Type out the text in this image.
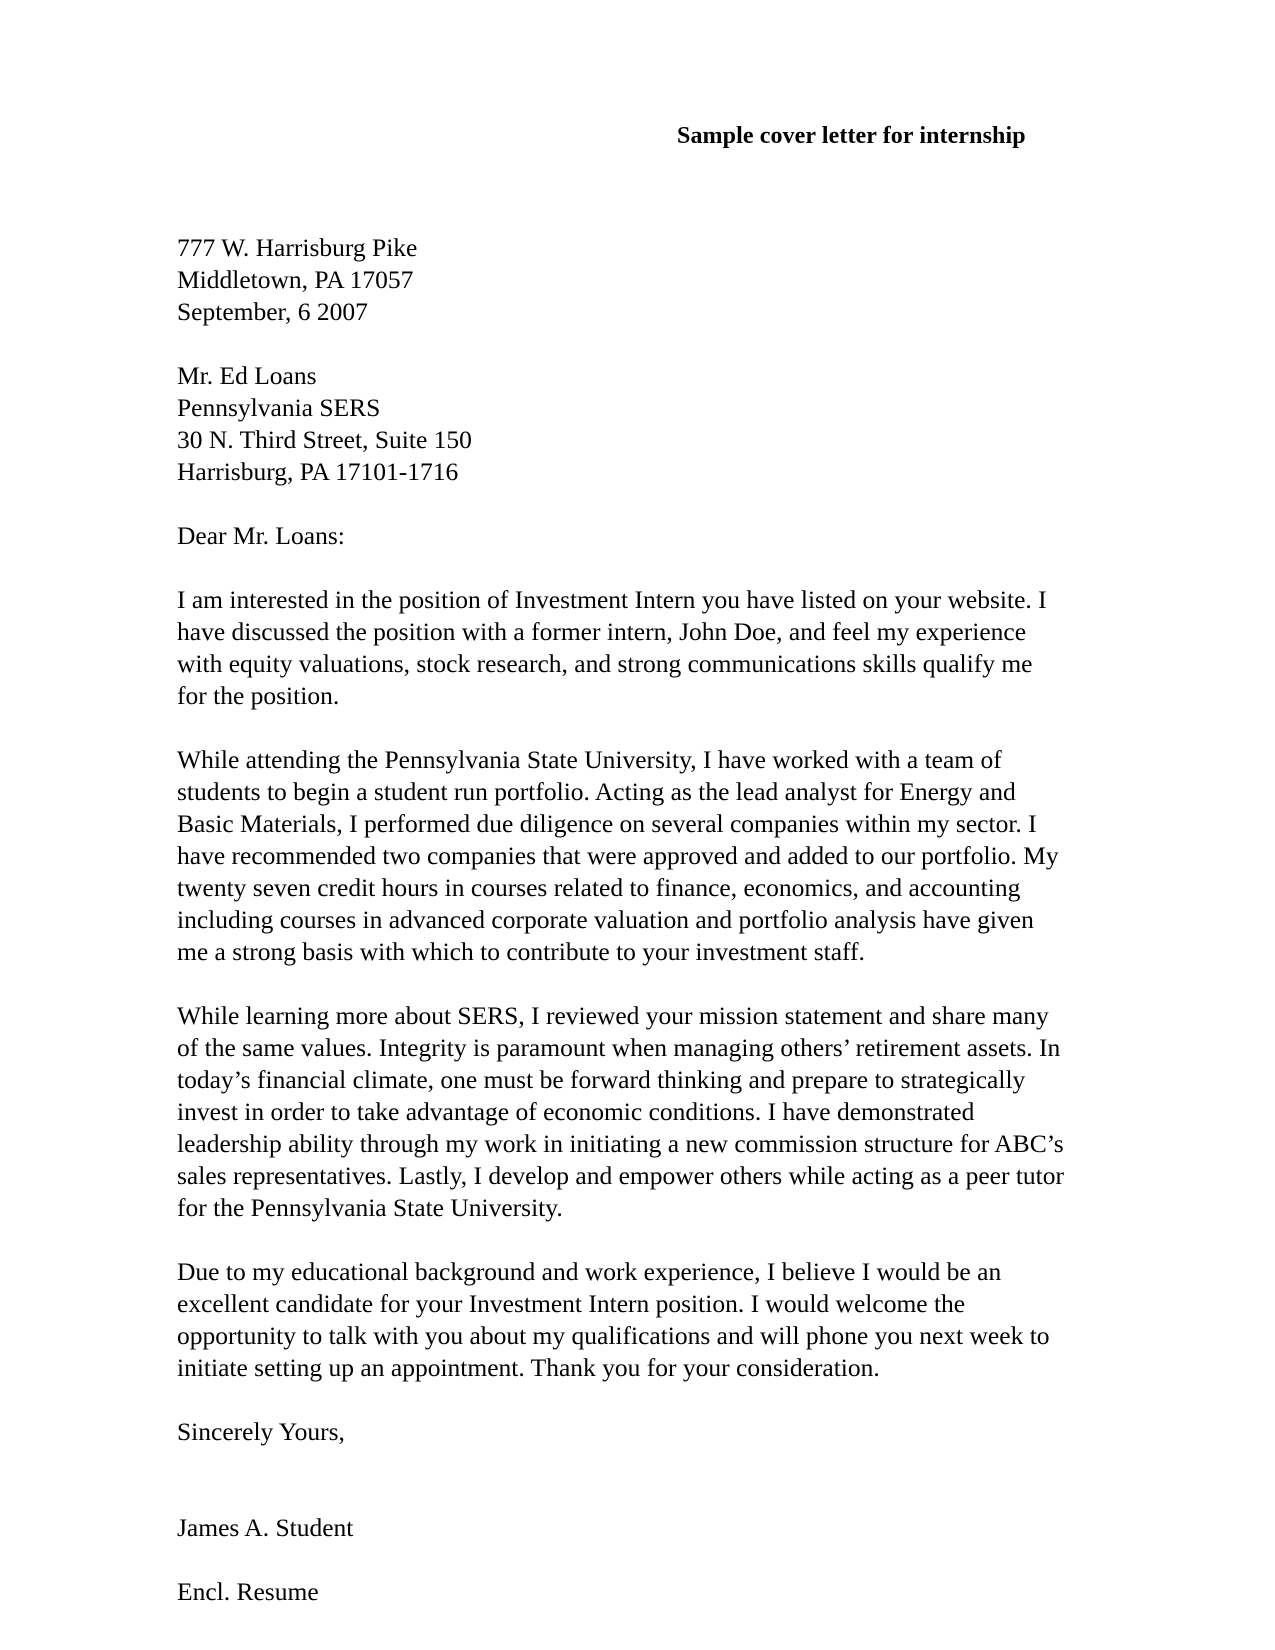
Sample cover letter for internship
777 W. Harrisburg Pike
Middletown, PA 17057
September, 6 2007
Mr. Ed Loans
Pennsylvania SERS
30 N. Third Street, Suite 150
Harrisburg, PA 17101-1716
Dear Mr. Loans:
I am interested in the position of Investment Intern you have listed on your website. I have discussed the position with a former intern, John Doe, and feel my experience with equity valuations, stock research, and strong communications skills qualify me for the position.
While attending the Pennsylvania State University, I have worked with a team of students to begin a student run portfolio. Acting as the lead analyst for Energy and Basic Materials, I performed due diligence on several companies within my sector. I have recommended two companies that were approved and added to our portfolio. My twenty seven credit hours in courses related to finance, economics, and accounting including courses in advanced corporate valuation and portfolio analysis have given me a strong basis with which to contribute to your investment staff.
While learning more about SERS, I reviewed your mission statement and share many of the same values. Integrity is paramount when managing others’ retirement assets. In today’s financial climate, one must be forward thinking and prepare to strategically invest in order to take advantage of economic conditions. I have demonstrated leadership ability through my work in initiating a new commission structure for ABC’s sales representatives. Lastly, I develop and empower others while acting as a peer tutor for the Pennsylvania State University.
Due to my educational background and work experience, I believe I would be an excellent candidate for your Investment Intern position. I would welcome the opportunity to talk with you about my qualifications and will phone you next week to initiate setting up an appointment. Thank you for your consideration.
Sincerely Yours,
James A. Student
Encl. Resume
